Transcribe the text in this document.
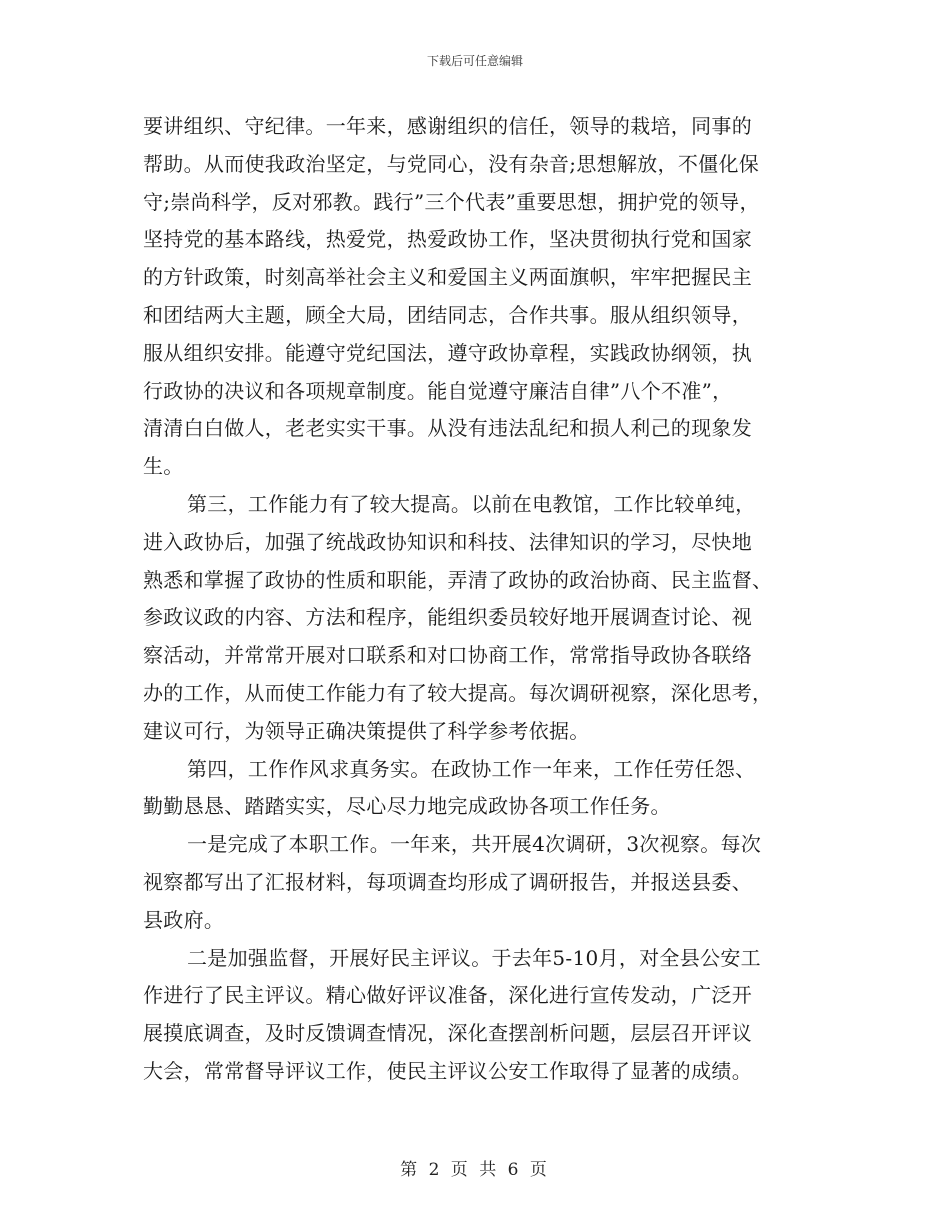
下载后可任意编辑
要讲组织、守纪律。一年来，感谢组织的信任，领导的栽培，同事的
帮助。从而使我政治坚定，与党同心，没有杂音;思想解放，不僵化保
守;崇尚科学，反对邪教。践行”三个代表”重要思想，拥护党的领导，
坚持党的基本路线，热爱党，热爱政协工作，坚决贯彻执行党和国家
的方针政策，时刻高举社会主义和爱国主义两面旗帜，牢牢把握民主
和团结两大主题，顾全大局，团结同志，合作共事。服从组织领导，
服从组织安排。能遵守党纪国法，遵守政协章程，实践政协纲领，执
行政协的决议和各项规章制度。能自觉遵守廉洁自律”八个不准”，
清清白白做人，老老实实干事。从没有违法乱纪和损人利己的现象发
生。
第三，工作能力有了较大提高。以前在电教馆，工作比较单纯，
进入政协后，加强了统战政协知识和科技、法律知识的学习，尽快地
熟悉和掌握了政协的性质和职能，弄清了政协的政治协商、民主监督、
参政议政的内容、方法和程序，能组织委员较好地开展调查讨论、视
察活动，并常常开展对口联系和对口协商工作，常常指导政协各联络
办的工作，从而使工作能力有了较大提高。每次调研视察，深化思考，
建议可行，为领导正确决策提供了科学参考依据。
第四，工作作风求真务实。在政协工作一年来，工作任劳任怨、
勤勤恳恳、踏踏实实，尽心尽力地完成政协各项工作任务。
一是完成了本职工作。一年来，共开展4次调研，3次视察。每次
视察都写出了汇报材料，每项调查均形成了调研报告，并报送县委、
县政府。
二是加强监督，开展好民主评议。于去年5-10月，对全县公安工
作进行了民主评议。精心做好评议准备，深化进行宣传发动，广泛开
展摸底调查，及时反馈调查情况，深化查摆剖析问题，层层召开评议
大会，常常督导评议工作，使民主评议公安工作取得了显著的成绩。
第 2 页 共 6 页
